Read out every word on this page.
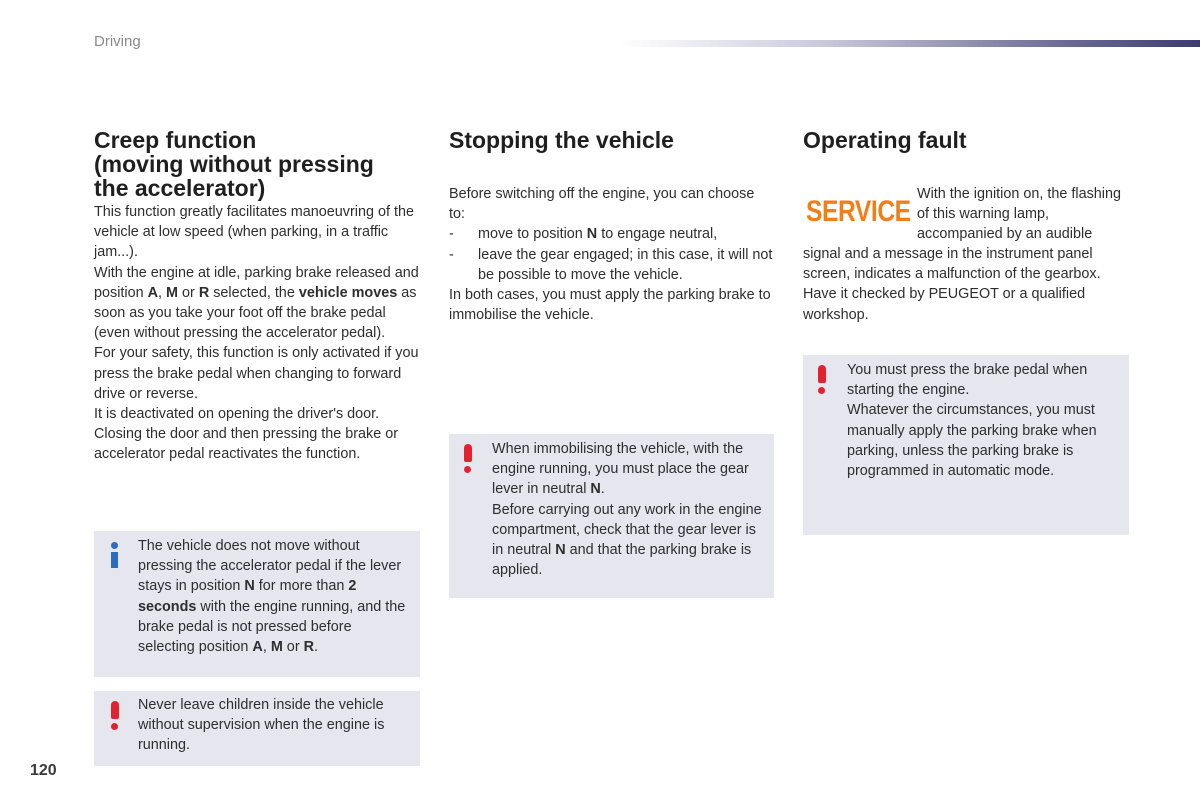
Driving
Creep function
(moving without pressing
the accelerator)

This function greatly facilitates manoeuvring of the vehicle at low speed (when parking, in a traffic jam...).

With the engine at idle, parking brake released and position A, M or R selected, the vehicle moves as soon as you take your foot off the brake pedal (even without pressing the accelerator pedal).

For your safety, this function is only activated if you press the brake pedal when changing to forward drive or reverse.

It is deactivated on opening the driver's door. Closing the door and then pressing the brake or accelerator pedal reactivates the function.

The vehicle does not move without pressing the accelerator pedal if the lever stays in position N for more than 2 seconds with the engine running, and the brake pedal is not pressed before selecting position A, M or R.

Never leave children inside the vehicle without supervision when the engine is running.
Stopping the vehicle

Before switching off the engine, you can choose to:

- move to position N to engage neutral,

- leave the gear engaged; in this case, it will not be possible to move the vehicle.

In both cases, you must apply the parking brake to immobilise the vehicle.

When immobilising the vehicle, with the engine running, you must place the gear lever in neutral N.

Before carrying out any work in the engine compartment, check that the gear lever is in neutral N and that the parking brake is applied.

Operating fault
SERVICE
With the ignition on, the flashing of this warning lamp, accompanied by an audible
signal and a message in the instrument panel screen, indicates a malfunction of the gearbox. Have it checked by PEUGEOT or a qualified workshop.

You must press the brake pedal when starting the engine.

Whatever the circumstances, you must manually apply the parking brake when parking, unless the parking brake is programmed in automatic mode.

120
